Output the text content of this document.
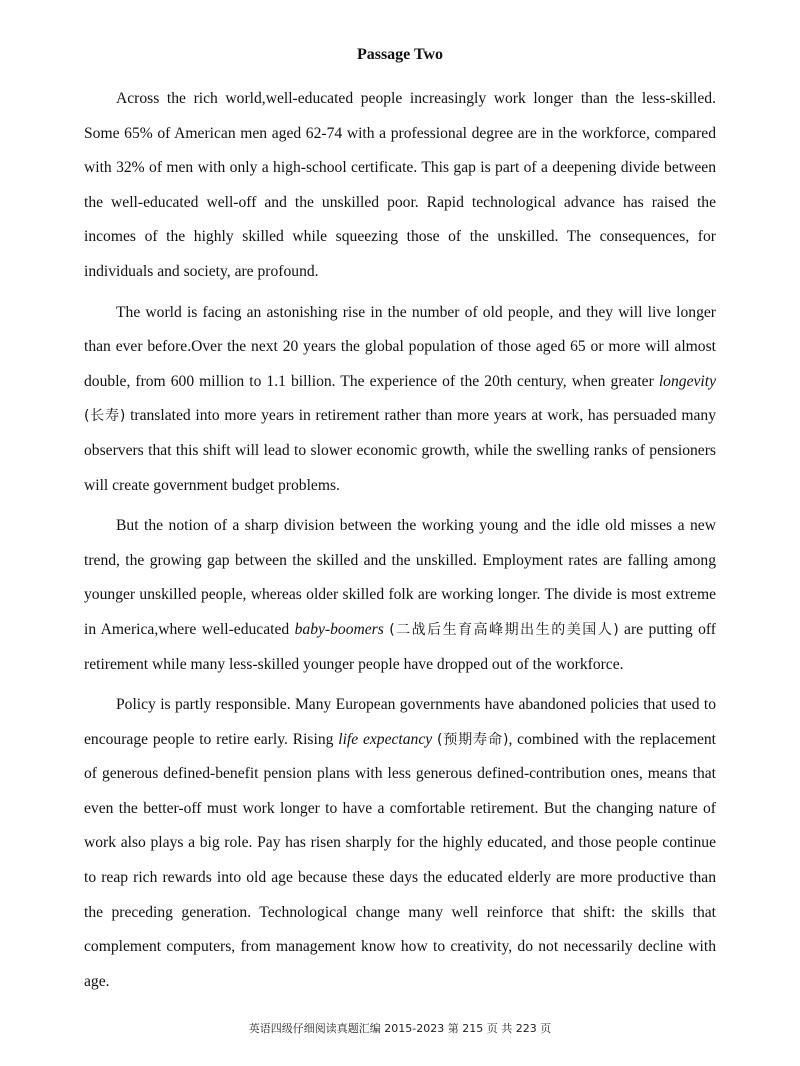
Passage Two

Across the rich world,well-educated people increasingly work longer than the less-skilled. Some 65% of American men aged 62-74 with a professional degree are in the workforce, compared with 32% of men with only a high-school certificate. This gap is part of a deepening divide between the well-educated well-off and the unskilled poor. Rapid technological advance has raised the incomes of the highly skilled while squeezing those of the unskilled. The consequences, for individuals and society, are profound.

The world is facing an astonishing rise in the number of old people, and they will live longer than ever before.Over the next 20 years the global population of those aged 65 or more will almost double, from 600 million to 1.1 billion. The experience of the 20th century, when greater longevity (长寿) translated into more years in retirement rather than more years at work, has persuaded many observers that this shift will lead to slower economic growth, while the swelling ranks of pensioners will create government budget problems.

But the notion of a sharp division between the working young and the idle old misses a new trend, the growing gap between the skilled and the unskilled. Employment rates are falling among younger unskilled people, whereas older skilled folk are working longer. The divide is most extreme in America,where well-educated baby-boomers (二战后生育高峰期出生的美国人) are putting off retirement while many less-skilled younger people have dropped out of the workforce.

Policy is partly responsible. Many European governments have abandoned policies that used to encourage people to retire early. Rising life expectancy (预期寿命), combined with the replacement of generous defined-benefit pension plans with less generous defined-contribution ones, means that even the better-off must work longer to have a comfortable retirement. But the changing nature of work also plays a big role. Pay has risen sharply for the highly educated, and those people continue to reap rich rewards into old age because these days the educated elderly are more productive than the preceding generation. Technological change many well reinforce that shift: the skills that complement computers, from management know how to creativity, do not necessarily decline with age.

英语四级仔细阅读真题汇编 2015-2023 第 215 页 共 223 页
